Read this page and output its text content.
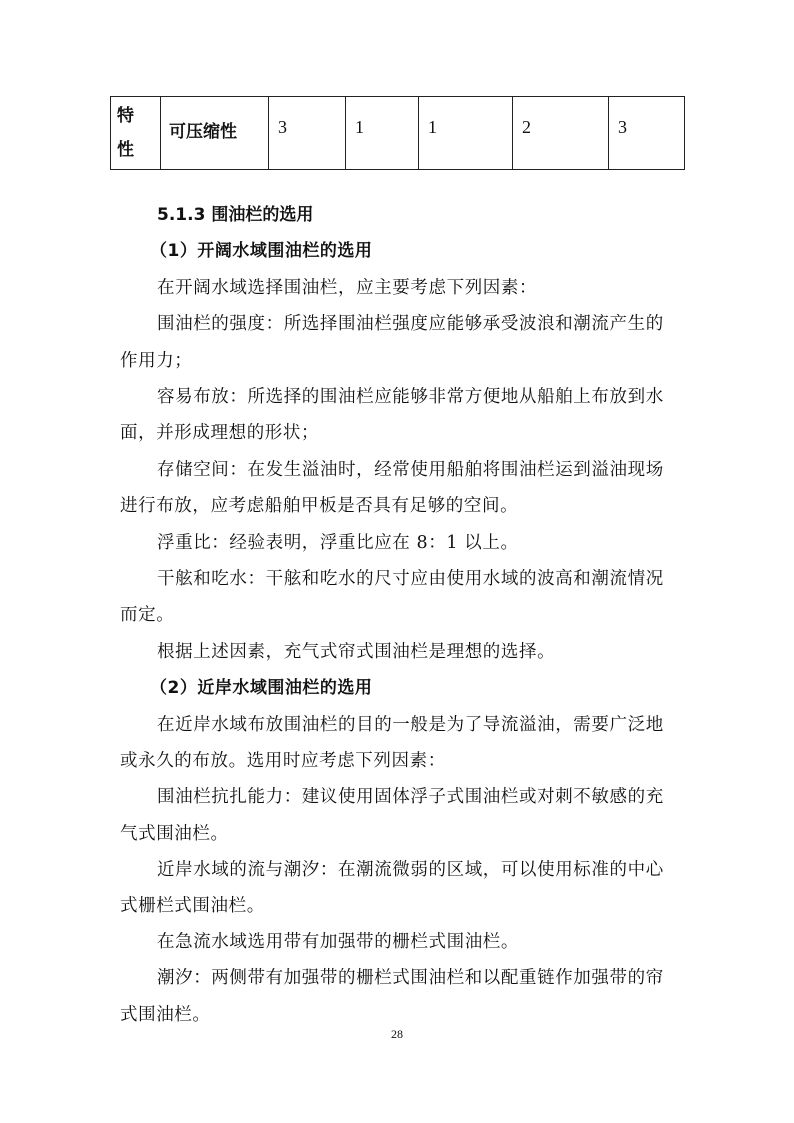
特
性
	可压缩性	3	1	1	2	3
5.1.3 围油栏的选用
（1）开阔水域围油栏的选用
在开阔水域选择围油栏，应主要考虑下列因素：
围油栏的强度：所选择围油栏强度应能够承受波浪和潮流产生的
作用力；
容易布放：所选择的围油栏应能够非常方便地从船舶上布放到水
面，并形成理想的形状；
存储空间：在发生溢油时，经常使用船舶将围油栏运到溢油现场
进行布放，应考虑船舶甲板是否具有足够的空间。
浮重比：经验表明，浮重比应在 8：1 以上。
干舷和吃水：干舷和吃水的尺寸应由使用水域的波高和潮流情况
而定。
根据上述因素，充气式帘式围油栏是理想的选择。
（2）近岸水域围油栏的选用
在近岸水域布放围油栏的目的一般是为了导流溢油，需要广泛地
或永久的布放。选用时应考虑下列因素：
围油栏抗扎能力：建议使用固体浮子式围油栏或对刺不敏感的充
气式围油栏。
近岸水域的流与潮汐：在潮流微弱的区域，可以使用标准的中心
式栅栏式围油栏。
在急流水域选用带有加强带的栅栏式围油栏。
潮汐：两侧带有加强带的栅栏式围油栏和以配重链作加强带的帘
式围油栏。
28
